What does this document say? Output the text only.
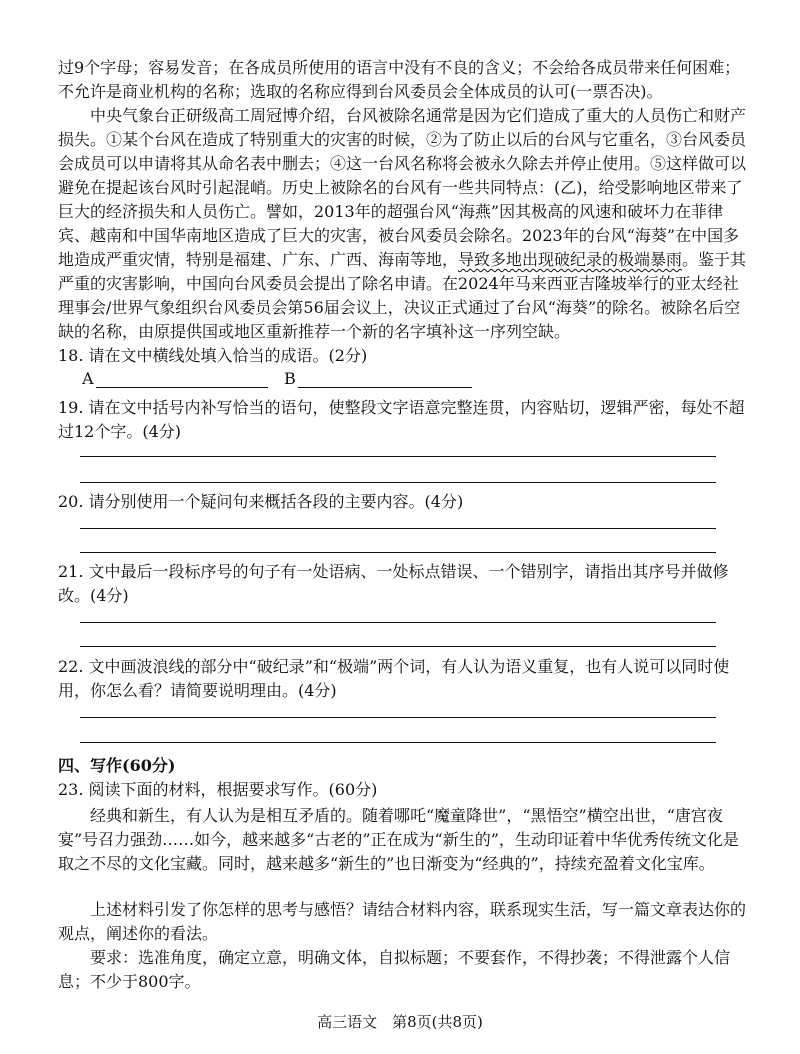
过9个字母；容易发音；在各成员所使用的语言中没有不良的含义；不会给各成员带来任何困难；不允许是商业机构的名称；选取的名称应得到台风委员会全体成员的认可(一票否决)。

中央气象台正研级高工周冠博介绍，台风被除名通常是因为它们造成了重大的人员伤亡和财产损失。①某个台风在造成了特别重大的灾害的时候，②为了防止以后的台风与它重名，③台风委员会成员可以申请将其从命名表中删去；④这一台风名称将会被永久除去并停止使用。⑤这样做可以避免在提起该台风时引起混峭。历史上被除名的台风有一些共同特点：(乙)，给受影响地区带来了巨大的经济损失和人员伤亡。譬如，2013年的超强台风“海燕”因其极高的风速和破坏力在菲律宾、越南和中国华南地区造成了巨大的灾害，被台风委员会除名。2023年的台风“海葵”在中国多地造成严重灾情，特别是福建、广东、广西、海南等地，导致多地出现破纪录的极端暴雨。鉴于其严重的灾害影响，中国向台风委员会提出了除名申请。在2024年马来西亚吉隆坡举行的亚太经社理事会/世界气象组织台风委员会第56届会议上，决议正式通过了台风“海葵”的除名。被除名后空缺的名称，由原提供国或地区重新推荐一个新的名字填补这一序列空缺。

18. 请在文中横线处填入恰当的成语。(2分)

A	B

19. 请在文中括号内补写恰当的语句，使整段文字语意完整连贯，内容贴切，逻辑严密，每处不超过12个字。(4分)

20. 请分别使用一个疑问句来概括各段的主要内容。(4分)

21. 文中最后一段标序号的句子有一处语病、一处标点错误、一个错别字，请指出其序号并做修改。(4分)

22. 文中画波浪线的部分中“破纪录”和“极端”两个词，有人认为语义重复，也有人说可以同时使用，你怎么看？请简要说明理由。(4分)

四、写作(60分)

23. 阅读下面的材料，根据要求写作。(60分)

经典和新生，有人认为是相互矛盾的。随着哪吒“魔童降世”，“黑悟空”横空出世，“唐宫夜宴”号召力强劲……如今，越来越多“古老的”正在成为“新生的”，生动印证着中华优秀传统文化是取之不尽的文化宝藏。同时，越来越多“新生的”也日渐变为“经典的”，持续充盈着文化宝库。

上述材料引发了你怎样的思考与感悟？请结合材料内容，联系现实生活，写一篇文章表达你的观点，阐述你的看法。

要求：选准角度，确定立意，明确文体，自拟标题；不要套作，不得抄袭；不得泄露个人信息；不少于800字。

高三语文　第8页(共8页)
